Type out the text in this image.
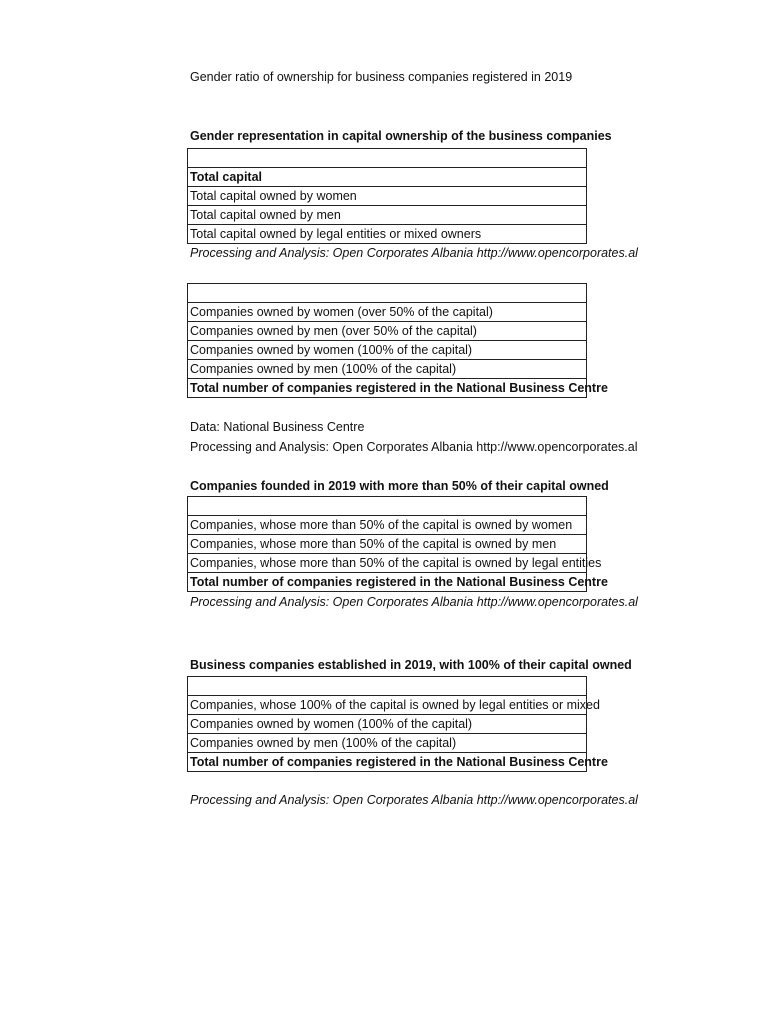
Gender ratio of ownership for business companies registered in 2019
Gender representation in capital ownership of the business companies

Total capital
Total capital owned by women
Total capital owned by men
Total capital owned by legal entities or mixed owners
Processing and Analysis: Open Corporates Albania http://www.opencorporates.al

Companies owned by women (over 50% of the capital)
Companies owned by men (over 50% of the capital)
Companies owned by women (100% of the capital)
Companies owned by men (100% of the capital)
Total number of companies registered in the National Business Centre
Data: National Business Centre
Processing and Analysis: Open Corporates Albania http://www.opencorporates.al
Companies founded in 2019 with more than 50% of their capital owned

Companies, whose more than 50% of the capital is owned by women
Companies, whose more than 50% of the capital is owned by men
Companies, whose more than 50% of the capital is owned by legal entities
Total number of companies registered in the National Business Centre
Processing and Analysis: Open Corporates Albania http://www.opencorporates.al
Business companies established in 2019, with 100% of their capital owned

Companies, whose 100% of the capital is owned by legal entities or mixed
Companies owned by women (100% of the capital)
Companies owned by men (100% of the capital)
Total number of companies registered in the National Business Centre
Processing and Analysis: Open Corporates Albania http://www.opencorporates.al
